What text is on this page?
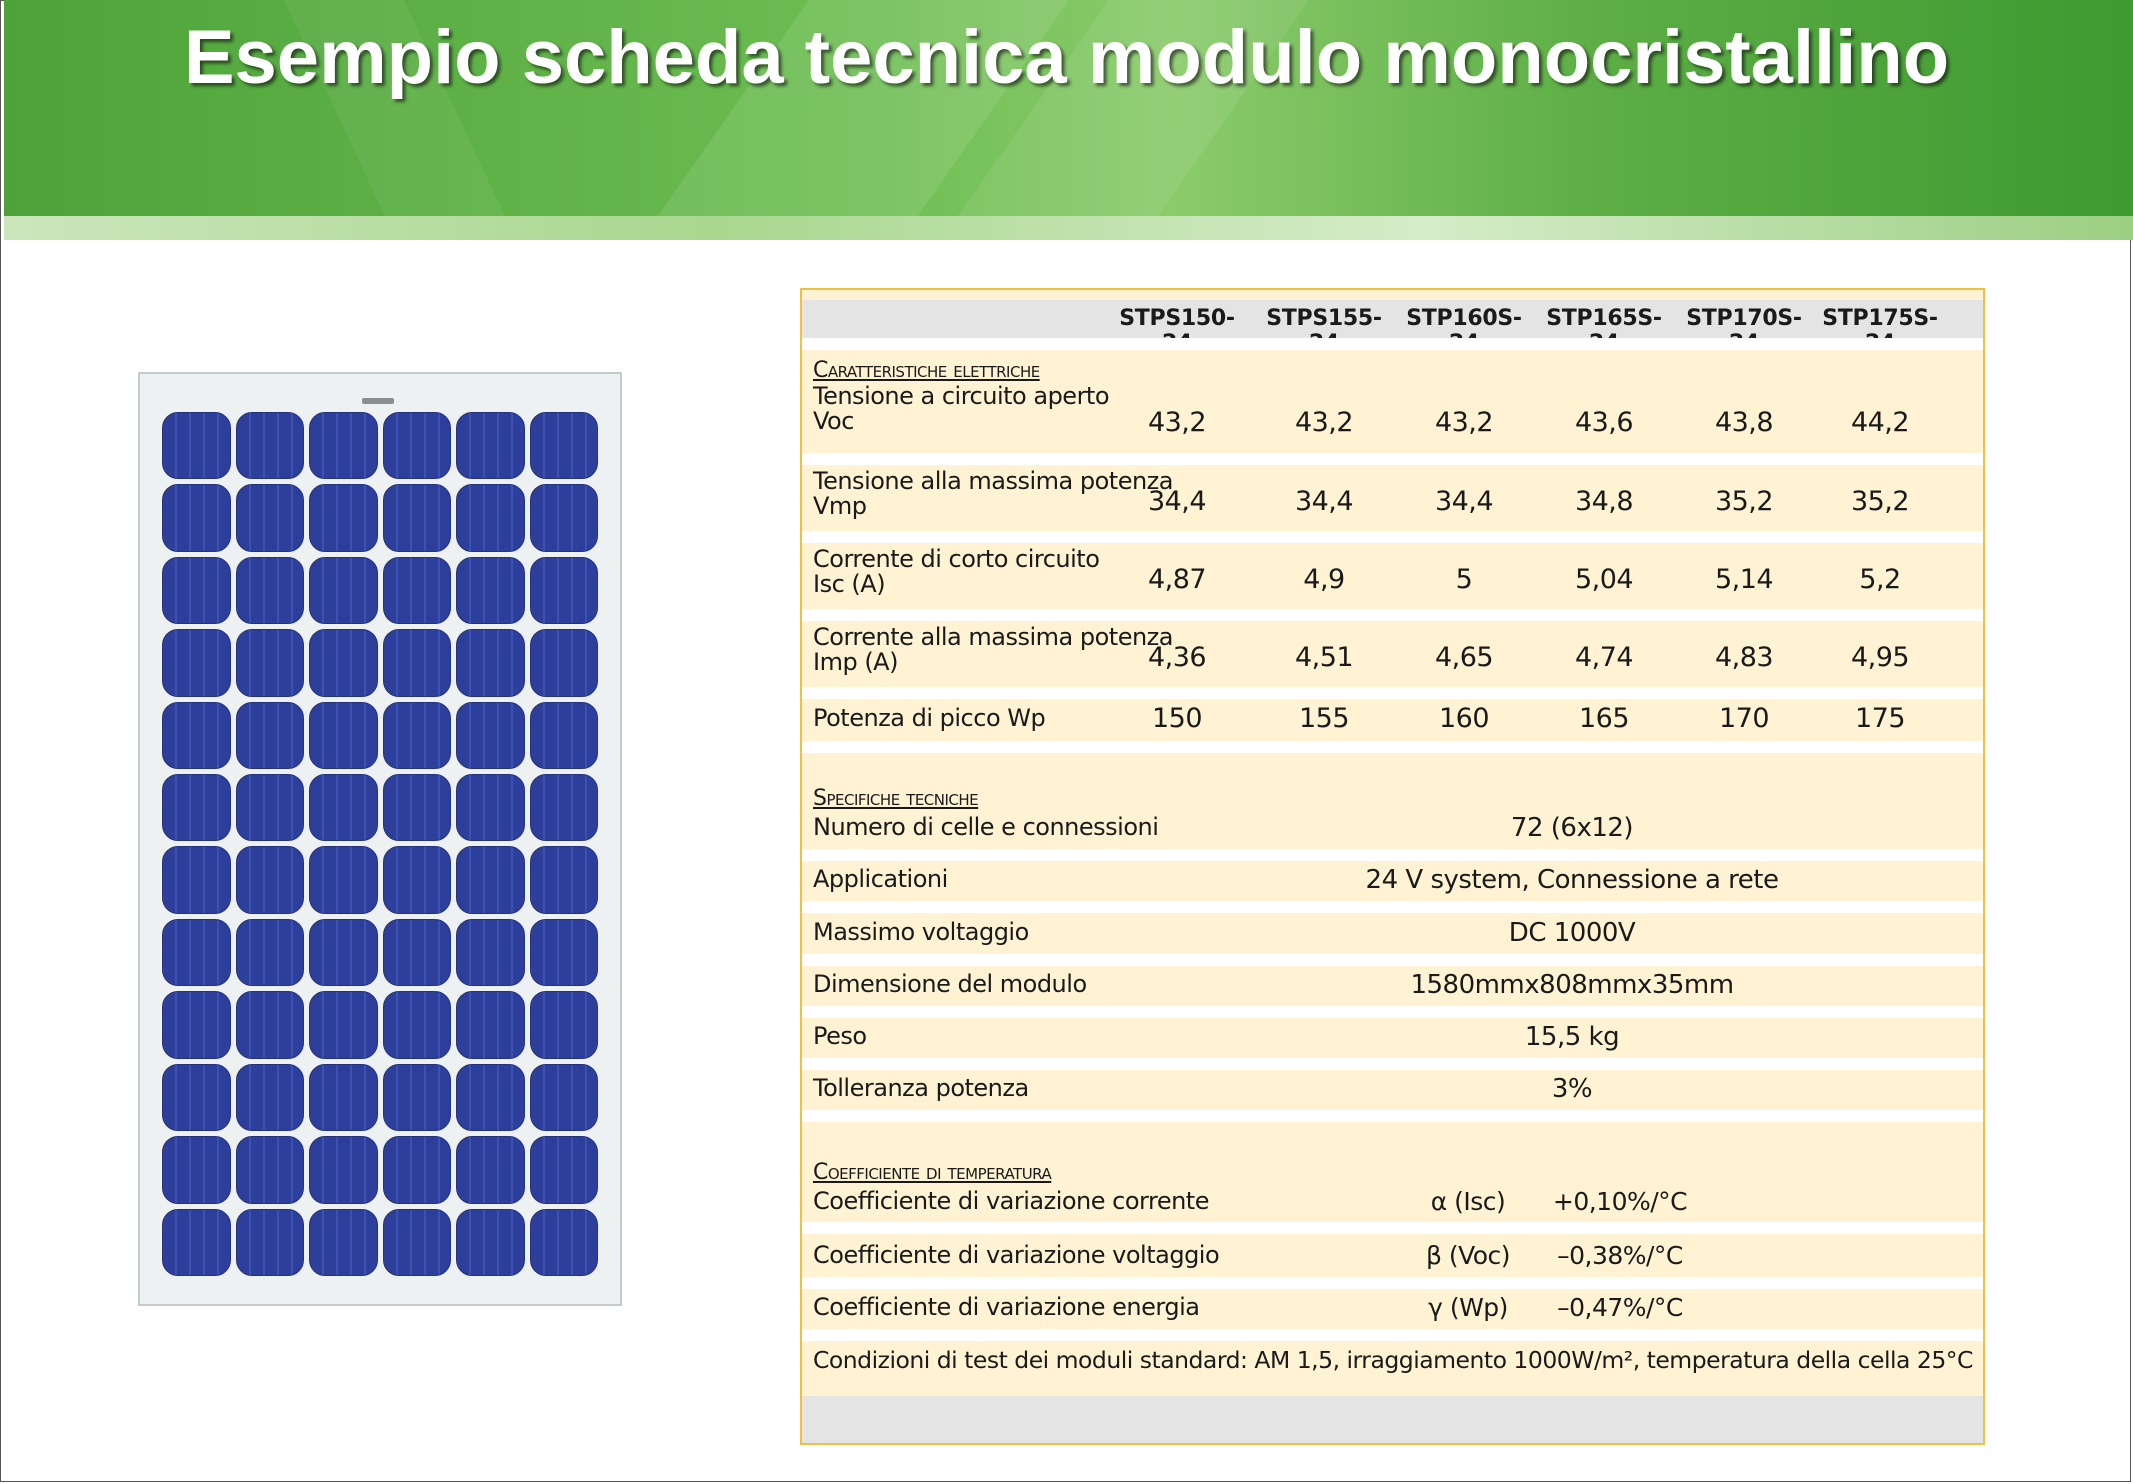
Esempio scheda tecnica modulo monocristallino
STPS150-	STPS155-	STP160S-	STP165S-	STP170S- STP175S-
Caratteristiche elettriche
Tensione a circuito aperto
Voc	43,2	43,2	43,2	43,6	43,8	44,2
Tensione alla massima potenza
Vmp	34,4	34,4	34,4	34,8	35,2	35,2
Corrente di corto circuito
Isc (A)	4,87	4,9	5	5,04	5,14	5,2
Corrente alla massima potenza
Imp (A)	4,36	4,51	4,65	4,74	4,83	4,95
Potenza di picco Wp	150	155	160	165	170	175
Specifiche tecniche
Numero di celle e connessioni	72 (6x12)
Applicationi	24 V system, Connessione a rete
Massimo voltaggio	DC 1000V
Dimensione del modulo	1580mmx808mmx35mm
Peso	15,5 kg
Tolleranza potenza	3%
Coefficiente di temperatura
Coefficiente di variazione corrente	α (Isc)	+0,10%/°C
Coefficiente di variazione voltaggio	β (Voc)	–0,38%/°C
Coefficiente di variazione energia	γ (Wp)	–0,47%/°C
Condizioni di test dei moduli standard: AM 1,5, irraggiamento 1000W/m², temperatura della cella 25°C
